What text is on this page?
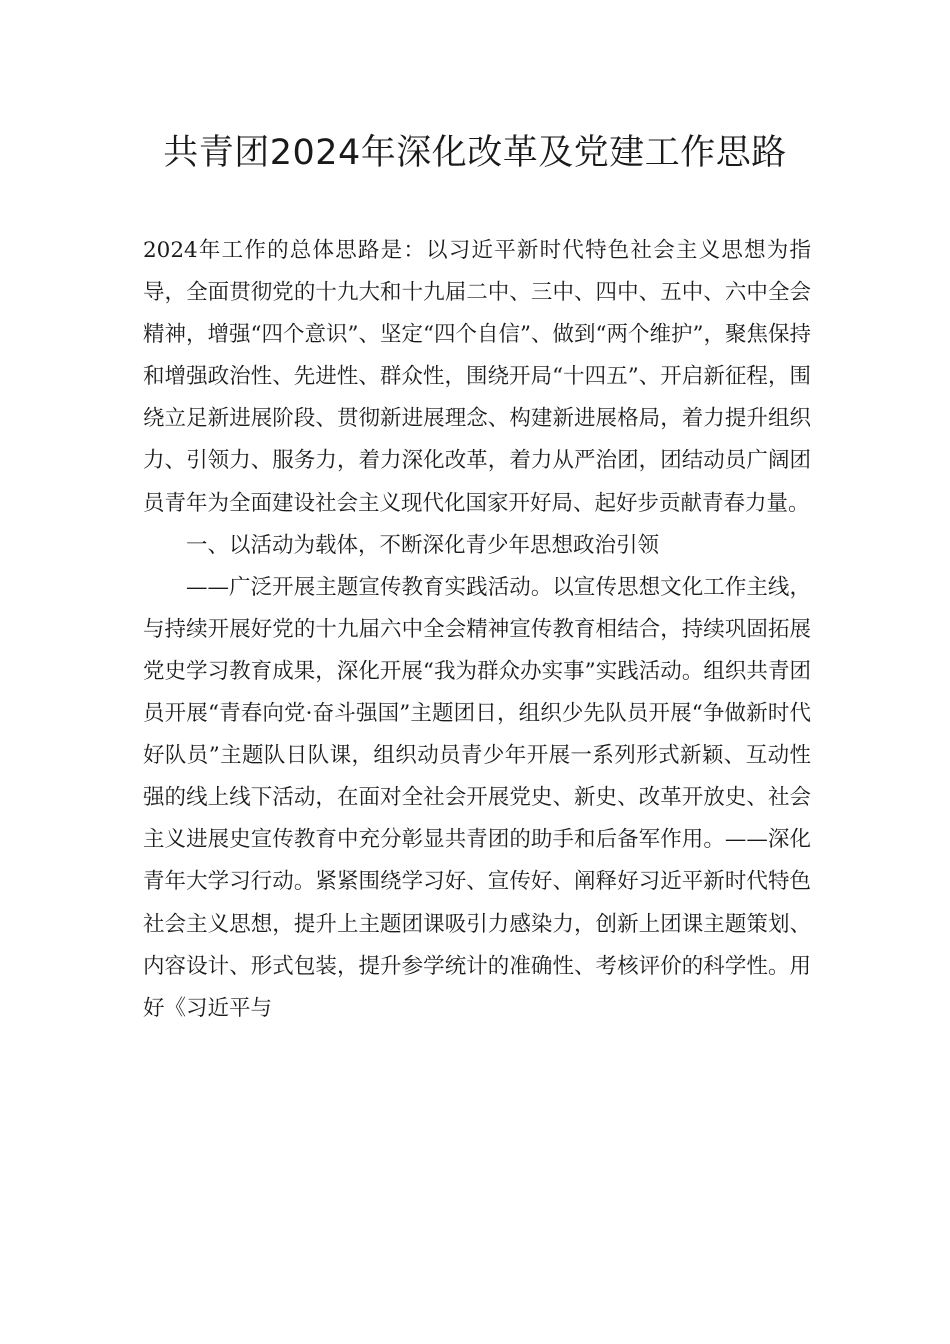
共青团2024年深化改革及党建工作思路

2024年工作的总体思路是：以习近平新时代特色社会主义思想为指导，全面贯彻党的十九大和十九届二中、三中、四中、五中、六中全会精神，增强“四个意识”、坚定“四个自信”、做到“两个维护”，聚焦保持和增强政治性、先进性、群众性，围绕开局“十四五”、开启新征程，围绕立足新进展阶段、贯彻新进展理念、构建新进展格局，着力提升组织力、引领力、服务力，着力深化改革，着力从严治团，团结动员广阔团员青年为全面建设社会主义现代化国家开好局、起好步贡献青春力量。

一、以活动为载体，不断深化青少年思想政治引领

——广泛开展主题宣传教育实践活动。以宣传思想文化工作主线，与持续开展好党的十九届六中全会精神宣传教育相结合，持续巩固拓展党史学习教育成果，深化开展“我为群众办实事”实践活动。组织共青团员开展“青春向党·奋斗强国”主题团日，组织少先队员开展“争做新时代好队员”主题队日队课，组织动员青少年开展一系列形式新颖、互动性强的线上线下活动，在面对全社会开展党史、新史、改革开放史、社会主义进展史宣传教育中充分彰显共青团的助手和后备军作用。——深化青年大学习行动。紧紧围绕学习好、宣传好、阐释好习近平新时代特色社会主义思想，提升上主题团课吸引力感染力，创新上团课主题策划、内容设计、形式包装，提升参学统计的准确性、考核评价的科学性。用好《习近平与
